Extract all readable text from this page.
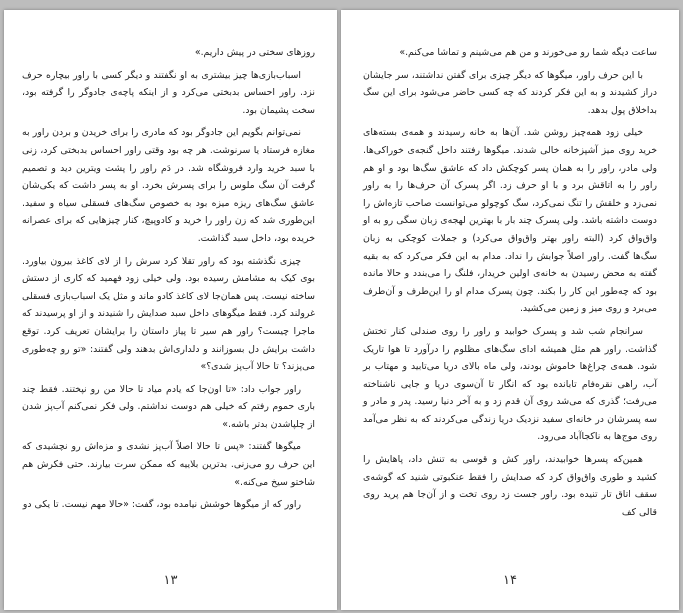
روزهای سختی در پیش داریم.»

اسباب‌بازی‌ها چیز بیشتری به او نگفتند و دیگر کسی با راور بیچاره حرف نزد. راور احساس بدبختی می‌کرد و از اینکه پاچه‌ی جادوگر را گرفته بود، سخت پشیمان بود.

نمی‌توانم بگویم این جادوگر بود که مادری را برای خریدن و بردن راور به مغازه فرستاد یا سرنوشت. هر چه بود وقتی راور احساس بدبختی کرد، زنی با سبد خرید وارد فروشگاه شد. در دَم راور را پشت ویترین دید و تصمیم گرفت آن سگ ملوس را برای پسرش بخرد. او به پسر داشت که یکی‌شان عاشق سگ‌های ریزه میزه بود به خصوص سگ‌های فسقلی سیاه و سفید. این‌طوری شد که زن راور را خرید و کادوپیچ، کنار چیزهایی که برای عصرانه خریده بود، داخل سبد گذاشت.

چیزی نگذشته بود که راور تقلا کرد سرش را از لای کاغذ بیرون بیاورد. بوی کیک به مشامش رسیده بود. ولی خیلی زود فهمید که کاری از دستش ساخته نیست. پس همان‌جا لای کاغذ کادو ماند و مثل یک اسباب‌بازی فسقلی غرولند کرد. فقط میگوهای داخل سبد صدایش را شنیدند و از او پرسیدند که ماجرا چیست؟ راور هم سیر تا پیاز داستان را برایشان تعریف کرد. توقع داشت برایش دل بسوزانند و دلداری‌اش بدهند ولی گفتند: «تو رو چه‌طوری می‌پزند؟ تا حالا آب‌پز شدی؟»

راور جواب داد: «تا اون‌جا که یادم میاد تا حالا من رو نپختند. فقط چند باری حموم رفتم که خیلی هم دوست نداشتم. ولی فکر نمی‌کنم آب‌پز شدن از چلپاشدن بدتر باشه.»

میگوها گفتند: «پس تا حالا اصلاً آب‌پز نشدی و مزه‌اش رو نچشیدی که این حرف رو می‌زنی. بدترین بلاییه که ممکن سرت بیارند. حتی فکرش هم شاختو سیخ می‌کنه.»

راور که از میگوها خوشش نیامده بود، گفت: «حالا مهم نیست. تا یکی دو

۱۳

ساعت دیگه شما رو می‌خورند و من هم می‌شینم و تماشا می‌کنم.»

با این حرف راور، میگوها که دیگر چیزی برای گفتن نداشتند، سر جایشان دراز کشیدند و به این فکر کردند که چه کسی حاضر می‌شود برای این سگ بداخلاق پول بدهد.

خیلی زود همه‌چیز روشن شد. آن‌ها به خانه رسیدند و همه‌ی بسته‌های خرید روی میز آشپزخانه خالی شدند. میگوها رفتند داخل گنجه‌ی خوراکی‌ها. ولی مادر، راور را به همان پسر کوچکش داد که عاشق سگ‌ها بود و او هم راور را به اتاقش برد و با او حرف زد. اگر پسرک آن حرف‌ها را به راور نمی‌زد و خلقش را تنگ نمی‌کرد، سگ کوچولو می‌توانست صاحب تازه‌اش را دوست داشته باشد. ولی پسرک چند بار با بهترین لهجه‌ی زبان سگی رو به او واق‌واق کرد (البته راور بهتر واق‌واق می‌کرد) و جملات کوچکی به زبان سگ‌ها گفت. راور اصلاً جوابش را نداد. مدام به این فکر می‌کرد که به بقیه گفته به محض رسیدن به خانه‌ی اولین خریدار، فلنگ را می‌بندد و حالا مانده بود که چه‌طور این کار را بکند. چون پسرک مدام او را این‌طرف و آن‌طرف می‌برد و روی میز و زمین می‌کشید.

سرانجام شب شد و پسرک خوابید و راور را روی صندلی کنار تختش گذاشت. راور هم مثل همیشه ادای سگ‌های مظلوم را درآورد تا هوا تاریک شود. همه‌ی چراغ‌ها خاموش بودند، ولی ماه بالای دریا می‌تابید و مهتاب بر آب، راهی نقره‌فام تابانده بود که انگار تا آن‌سوی دریا و جایی ناشناخته می‌رفت؛ گذری که می‌شد روی آن قدم زد و به آخر دنیا رسید. پدر و مادر و سه پسرشان در خانه‌ای سفید نزدیک دریا زندگی می‌کردند که به نظر می‌آمد روی موج‌ها به ناکجاآباد می‌رود.

همین‌که پسرها خوابیدند، راور کش و قوسی به تنش داد، پاهایش را کشید و طوری واق‌واق کرد که صدایش را فقط عنکبوتی شنید که گوشه‌ی سقف اتاق تار تنیده بود. راور جست زد روی تخت و از آن‌جا هم پرید روی قالی کف

۱۴
